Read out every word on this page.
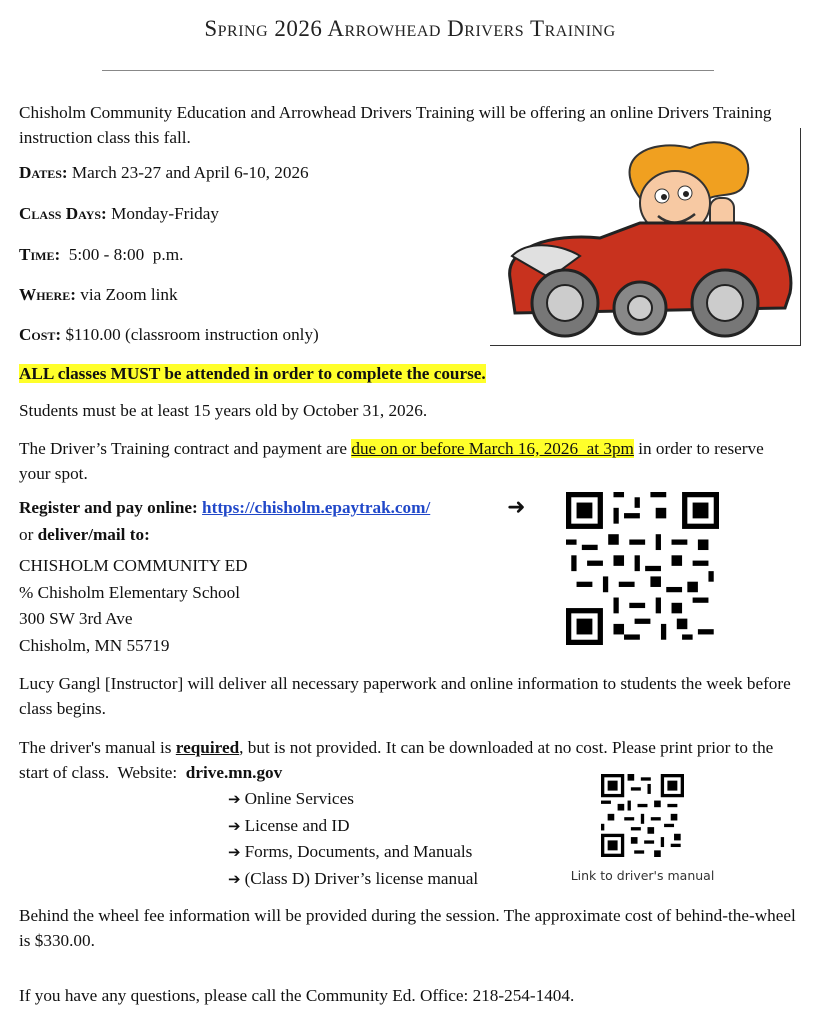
Spring 2026 Arrowhead Drivers Training

Chisholm Community Education and Arrowhead Drivers Training will be offering an online Drivers Training instruction class this fall.

Dates: March 23-27 and April 6-10, 2026

Class Days: Monday-Friday

Time:  5:00 - 8:00  p.m.

Where: via Zoom link

Cost: $110.00 (classroom instruction only)

ALL classes MUST be attended in order to complete the course.

Students must be at least 15 years old by October 31, 2026.

The Driver’s Training contract and payment are due on or before March 16, 2026  at 3pm in order to reserve your spot.

Register and pay online: https://chisholm.epaytrak.com/	➜

or deliver/mail to:

CHISHOLM COMMUNITY ED
% Chisholm Elementary School
300 SW 3rd Ave
Chisholm, MN 55719

Lucy Gangl [Instructor] will deliver all necessary paperwork and online information to students the week before class begins.

The driver's manual is required, but is not provided. It can be downloaded at no cost. Please print prior to the start of class.  Website:  drive.mn.gov

➔ Online Services
➔ License and ID
➔ Forms, Documents, and Manuals
➔ (Class D) Driver’s license manual	Link to driver's manual

Behind the wheel fee information will be provided during the session. The approximate cost of behind-the-wheel is $330.00.

If you have any questions, please call the Community Ed. Office: 218-254-1404.
